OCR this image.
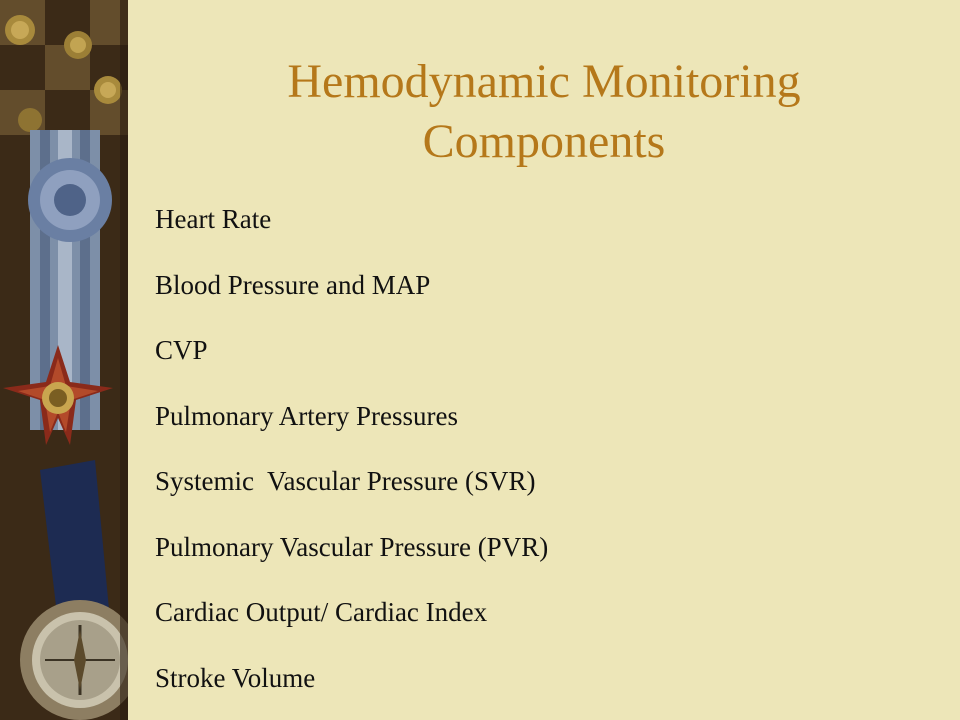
Hemodynamic Monitoring
Components
Heart Rate
Blood Pressure and MAP
CVP
Pulmonary Artery Pressures
Systemic  Vascular Pressure (SVR)
Pulmonary Vascular Pressure (PVR)
Cardiac Output/ Cardiac Index
Stroke Volume
